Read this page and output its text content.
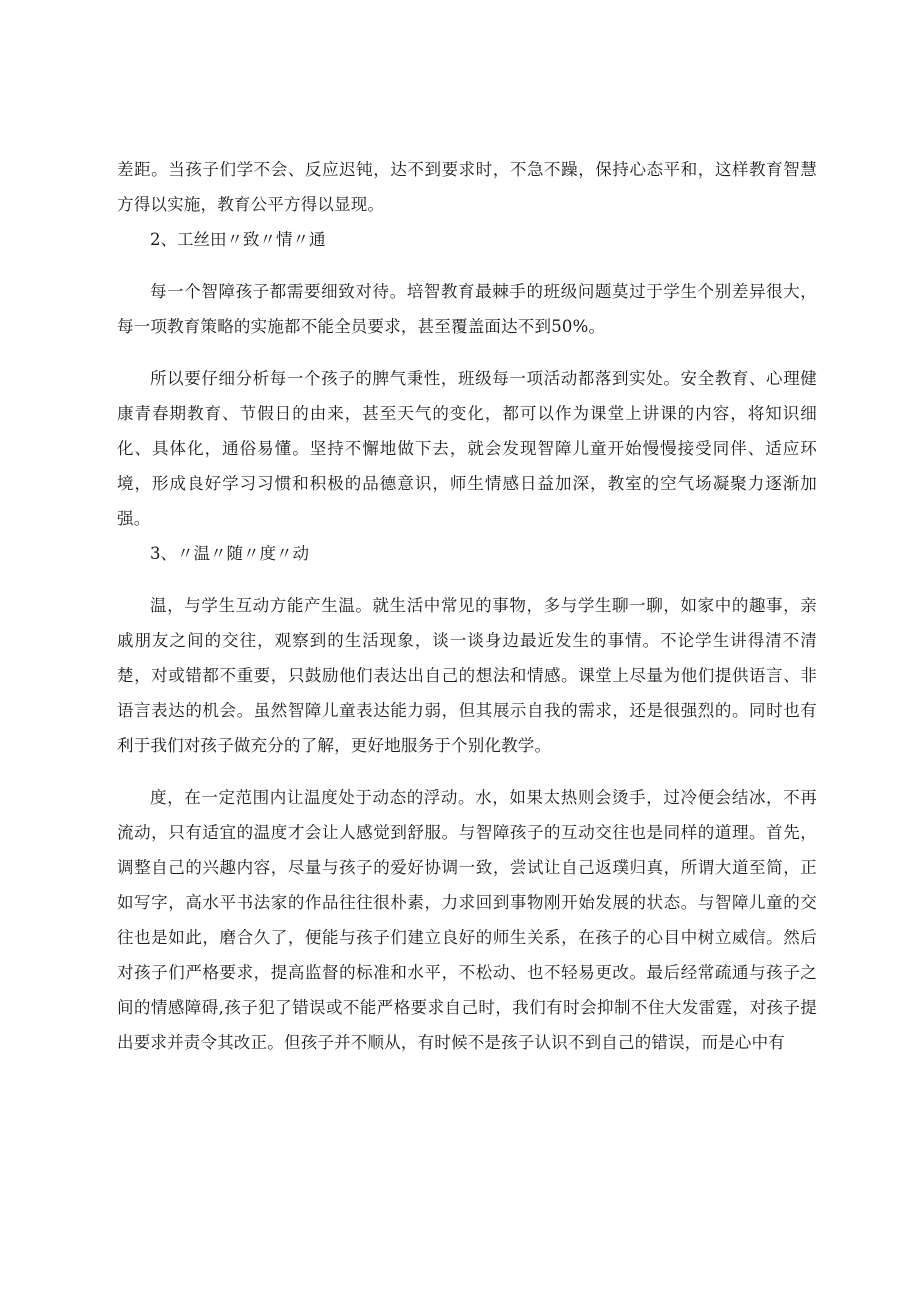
差距。当孩子们学不会、反应迟钝，达不到要求时，不急不躁，保持心态平和，这样教育智慧方得以实施，教育公平方得以显现。

2、工丝田〃致〃情〃通

每一个智障孩子都需要细致对待。培智教育最棘手的班级问题莫过于学生个别差异很大，每一项教育策略的实施都不能全员要求，甚至覆盖面达不到50%。

所以要仔细分析每一个孩子的脾气秉性，班级每一项活动都落到实处。安全教育、心理健康青春期教育、节假日的由来，甚至天气的变化，都可以作为课堂上讲课的内容，将知识细化、具体化，通俗易懂。坚持不懈地做下去，就会发现智障儿童开始慢慢接受同伴、适应环境，形成良好学习习惯和积极的品德意识，师生情感日益加深，教室的空气场凝聚力逐渐加强。

3、〃温〃随〃度〃动

温，与学生互动方能产生温。就生活中常见的事物，多与学生聊一聊，如家中的趣事，亲戚朋友之间的交往，观察到的生活现象，谈一谈身边最近发生的事情。不论学生讲得清不清楚，对或错都不重要，只鼓励他们表达出自己的想法和情感。课堂上尽量为他们提供语言、非语言表达的机会。虽然智障儿童表达能力弱，但其展示自我的需求，还是很强烈的。同时也有利于我们对孩子做充分的了解，更好地服务于个别化教学。

度，在一定范围内让温度处于动态的浮动。水，如果太热则会烫手，过冷便会结冰，不再流动，只有适宜的温度才会让人感觉到舒服。与智障孩子的互动交往也是同样的道理。首先，调整自己的兴趣内容，尽量与孩子的爱好协调一致，尝试让自己返璞归真，所谓大道至简，正如写字，高水平书法家的作品往往很朴素，力求回到事物刚开始发展的状态。与智障儿童的交往也是如此，磨合久了，便能与孩子们建立良好的师生关系，在孩子的心目中树立威信。然后对孩子们严格要求，提高监督的标准和水平，不松动、也不轻易更改。最后经常疏通与孩子之间的情感障碍,孩子犯了错误或不能严格要求自己时，我们有时会抑制不住大发雷霆，对孩子提出要求并责令其改正。但孩子并不顺从，有时候不是孩子认识不到自己的错误，而是心中有
